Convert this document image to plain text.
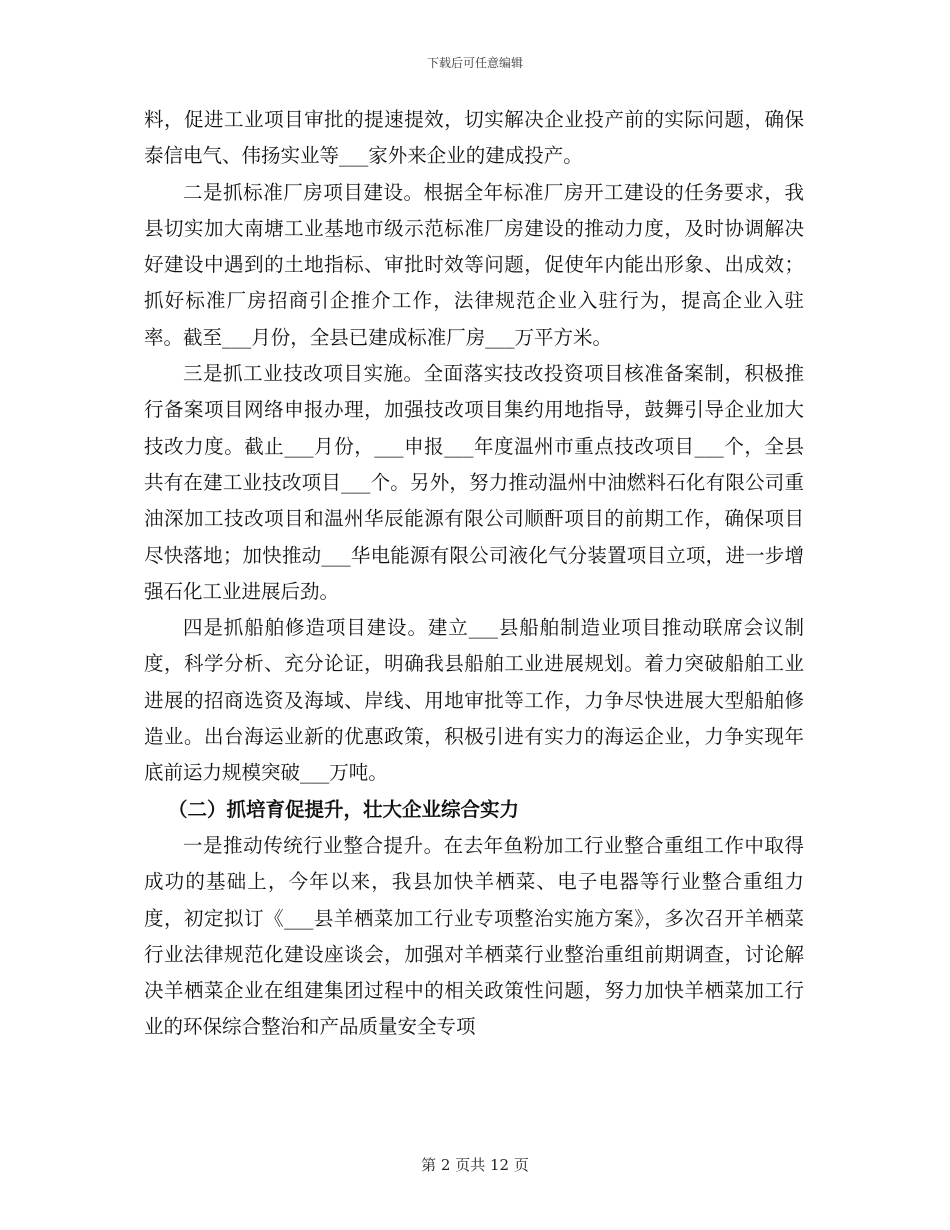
下载后可任意编辑

料，促进工业项目审批的提速提效，切实解决企业投产前的实际问题，确保泰信电气、伟扬实业等___家外来企业的建成投产。

二是抓标准厂房项目建设。根据全年标准厂房开工建设的任务要求，我县切实加大南塘工业基地市级示范标准厂房建设的推动力度，及时协调解决好建设中遇到的土地指标、审批时效等问题，促使年内能出形象、出成效；抓好标准厂房招商引企推介工作，法律规范企业入驻行为，提高企业入驻率。截至___月份，全县已建成标准厂房___万平方米。

三是抓工业技改项目实施。全面落实技改投资项目核准备案制，积极推行备案项目网络申报办理，加强技改项目集约用地指导，鼓舞引导企业加大技改力度。截止___月份，___申报___年度温州市重点技改项目___个，全县共有在建工业技改项目___个。另外，努力推动温州中油燃料石化有限公司重油深加工技改项目和温州华辰能源有限公司顺酐项目的前期工作，确保项目尽快落地；加快推动___华电能源有限公司液化气分装置项目立项，进一步增强石化工业进展后劲。

四是抓船舶修造项目建设。建立___县船舶制造业项目推动联席会议制度，科学分析、充分论证，明确我县船舶工业进展规划。着力突破船舶工业进展的招商选资及海域、岸线、用地审批等工作，力争尽快进展大型船舶修造业。出台海运业新的优惠政策，积极引进有实力的海运企业，力争实现年底前运力规模突破___万吨。

（二）抓培育促提升，壮大企业综合实力

一是推动传统行业整合提升。在去年鱼粉加工行业整合重组工作中取得成功的基础上，今年以来，我县加快羊栖菜、电子电器等行业整合重组力度，初定拟订《___县羊栖菜加工行业专项整治实施方案》，多次召开羊栖菜行业法律规范化建设座谈会，加强对羊栖菜行业整治重组前期调查，讨论解决羊栖菜企业在组建集团过程中的相关政策性问题，努力加快羊栖菜加工行业的环保综合整治和产品质量安全专项

第 2 页共 12 页
